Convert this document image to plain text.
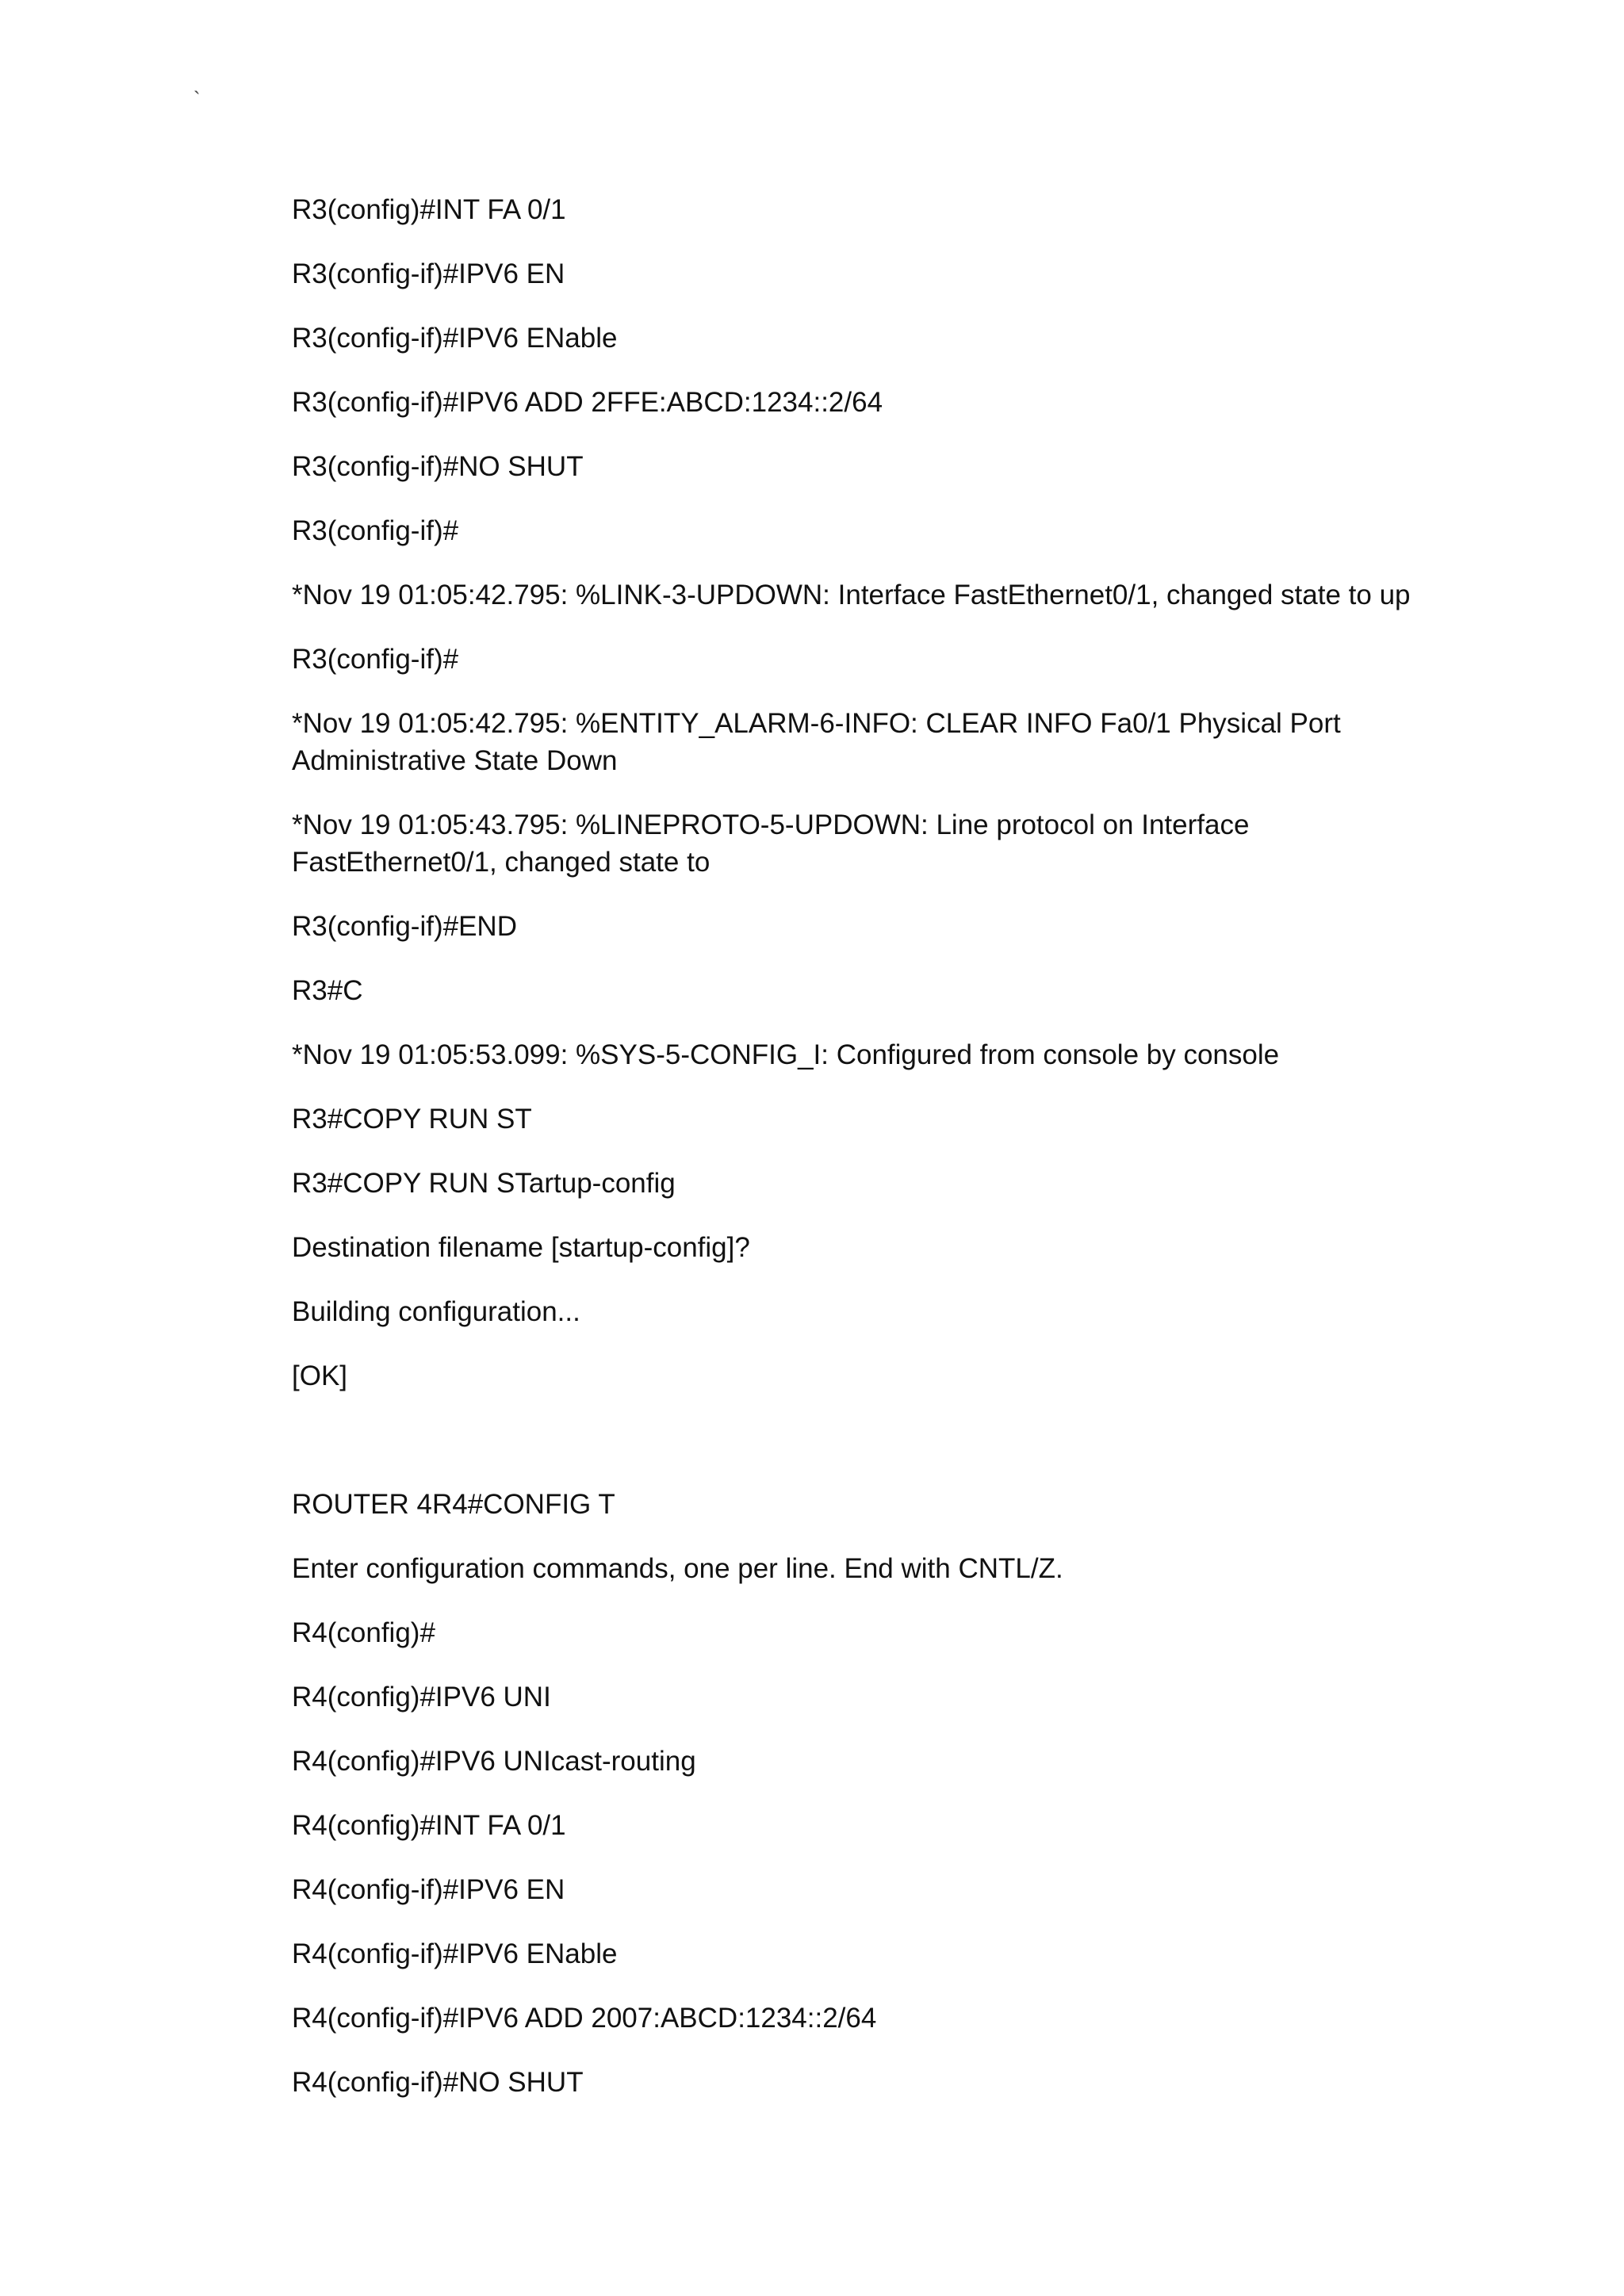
`
R3(config)#INT FA 0/1
R3(config-if)#IPV6 EN
R3(config-if)#IPV6 ENable
R3(config-if)#IPV6 ADD 2FFE:ABCD:1234::2/64
R3(config-if)#NO SHUT
R3(config-if)#
*Nov 19 01:05:42.795: %LINK-3-UPDOWN: Interface FastEthernet0/1, changed state to up
R3(config-if)#
*Nov 19 01:05:42.795: %ENTITY_ALARM-6-INFO: CLEAR INFO Fa0/1 Physical Port Administrative State Down
*Nov 19 01:05:43.795: %LINEPROTO-5-UPDOWN: Line protocol on Interface FastEthernet0/1, changed state to
R3(config-if)#END
R3#C
*Nov 19 01:05:53.099: %SYS-5-CONFIG_I: Configured from console by console
R3#COPY RUN ST
R3#COPY RUN STartup-config
Destination filename [startup-config]?
Building configuration...
[OK]
ROUTER 4R4#CONFIG T
Enter configuration commands, one per line. End with CNTL/Z.
R4(config)#
R4(config)#IPV6 UNI
R4(config)#IPV6 UNIcast-routing
R4(config)#INT FA 0/1
R4(config-if)#IPV6 EN
R4(config-if)#IPV6 ENable
R4(config-if)#IPV6 ADD 2007:ABCD:1234::2/64
R4(config-if)#NO SHUT
